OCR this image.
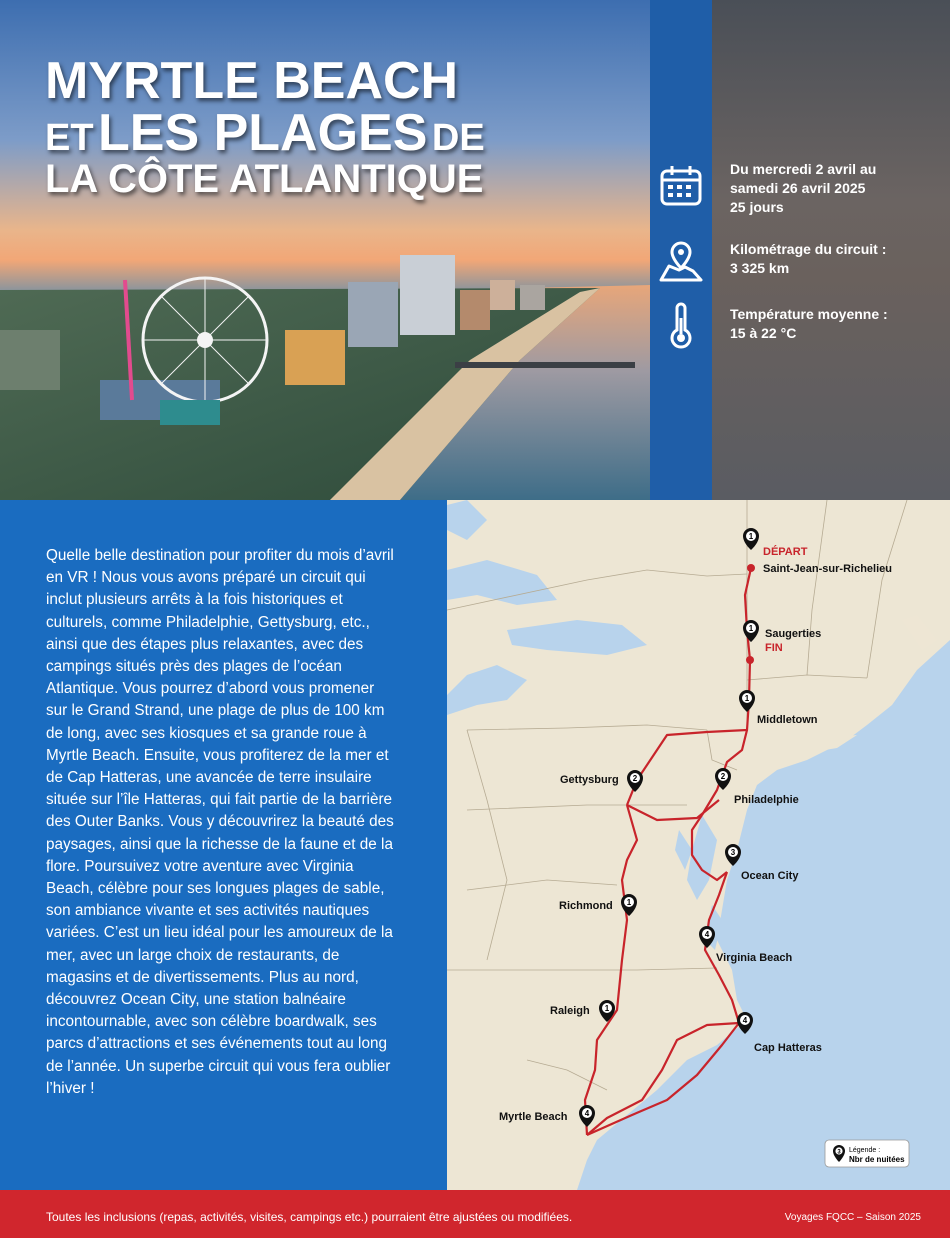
MYRTLE BEACH
ET LES PLAGES DE
LA CÔTE ATLANTIQUE	Du mercredi 2 avril au
samedi 26 avril 2025
25 jours
Kilométrage du circuit :
3 325 km
Température moyenne :
15 à 22 °C
Quelle belle destination pour profiter du mois d’avril en VR ! Nous vous avons préparé un circuit qui inclut plusieurs arrêts à la fois historiques et culturels, comme Philadelphie, Gettysburg, etc., ainsi que des étapes plus relaxantes, avec des campings situés près des plages de l’océan Atlantique. Vous pourrez d’abord vous promener sur le Grand Strand, une plage de plus de 100 km de long, avec ses kiosques et sa grande roue à Myrtle Beach. Ensuite, vous profiterez de la mer et de Cap Hatteras, une avancée de terre insulaire située sur l’île Hatteras, qui fait partie de la barrière des Outer Banks. Vous y découvrirez la beauté des paysages, ainsi que la richesse de la faune et de la flore. Poursuivez votre aventure avec Virginia Beach, célèbre pour ses longues plages de sable, son ambiance vivante et ses activités nautiques variées. C’est un lieu idéal pour les amoureux de la mer, avec un large choix de restaurants, de magasins et de divertissements. Plus au nord, découvrez Ocean City, une station balnéaire incontournable, avec son célèbre boardwalk, ses parcs d’attractions et ses événements tout au long de l’année. Un superbe circuit qui vous fera oublier l’hiver !
1
1
1
2	2
3
1
4
1
4
4
DÉPART
Saint-Jean-sur-Richelieu
Saugerties
FIN
Middletown
Gettysburg
Philadelphie
Ocean City
Richmond
Virginia Beach
Raleigh
Cap Hatteras
Myrtle Beach
3 Légende :
Nbr de nuitées
Toutes les inclusions (repas, activités, visites, campings etc.) pourraient être ajustées ou modifiées.	Voyages FQCC – Saison 2025
